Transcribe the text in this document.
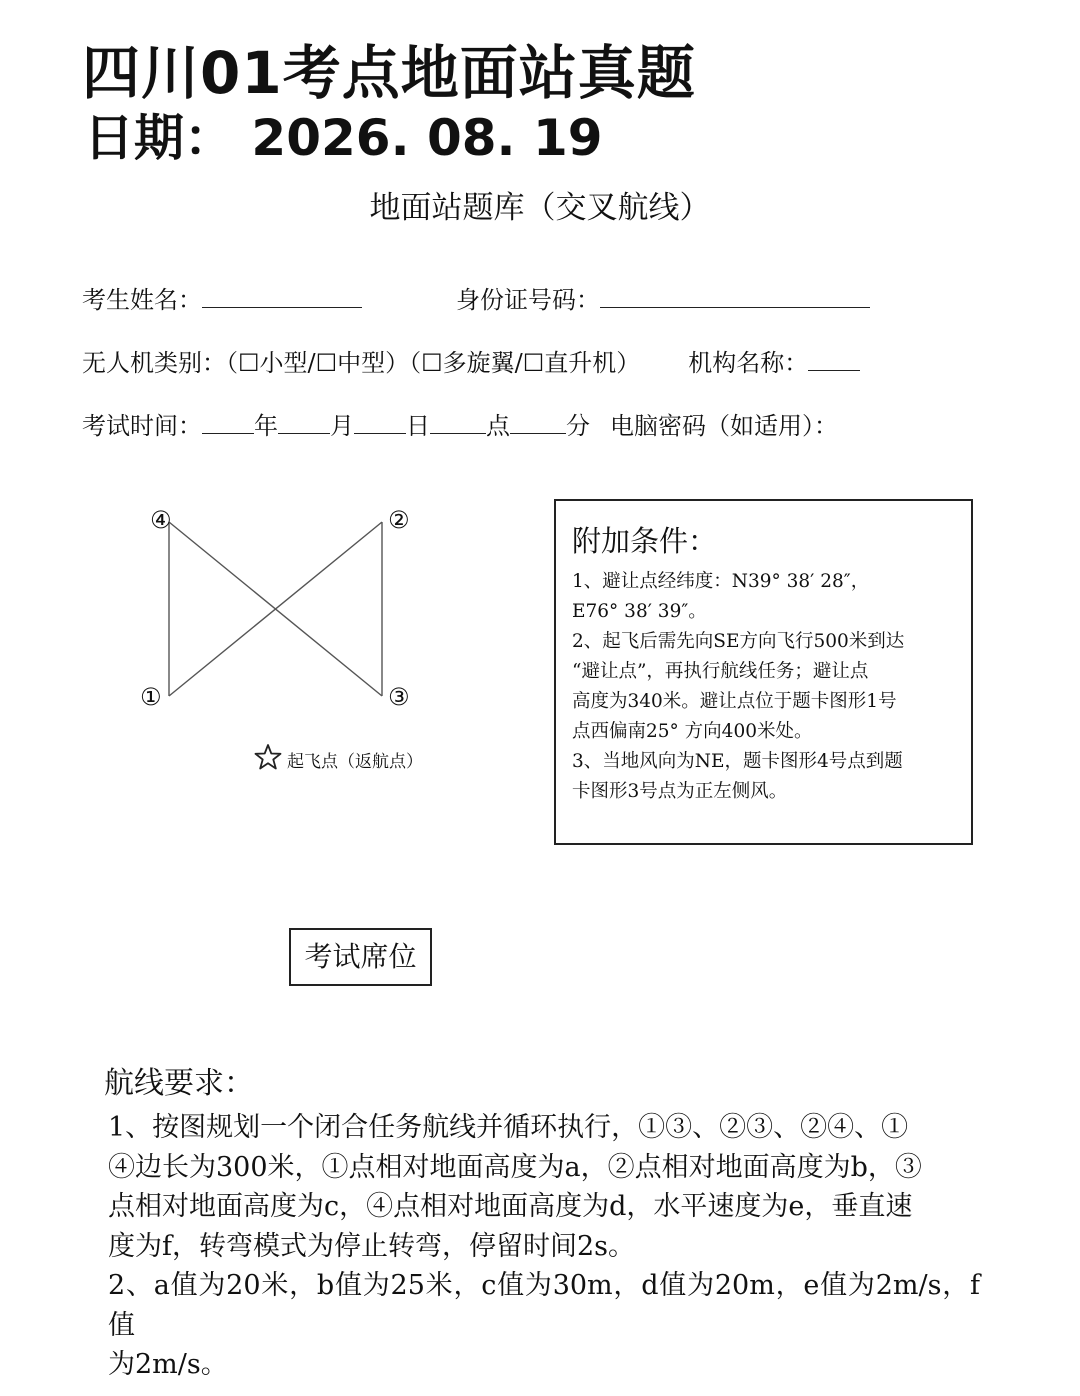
四川01考点地面站真题
日期： 2026. 08. 19
地面站题库（交叉航线）
考生姓名：	身份证号码：
无人机类别：（☐小型/☐中型）（☐多旋翼/☐直升机） 机构名称：
考试时间： 年 月 日 点 分 电脑密码（如适用）：
④	②
①	③
起飞点（返航点）
附加条件：
1、避让点经纬度：N39° 38′ 28″，
E76° 38′ 39″。
2、起飞后需先向SE方向飞行500米到达
“避让点”，再执行航线任务；避让点
高度为340米。避让点位于题卡图形1号
点西偏南25° 方向400米处。
3、当地风向为NE，题卡图形4号点到题
卡图形3号点为正左侧风。
考试席位
航线要求：
1、按图规划一个闭合任务航线并循环执行，①③、②③、②④、①
④边长为300米，①点相对地面高度为a，②点相对地面高度为b，③
点相对地面高度为c，④点相对地面高度为d，水平速度为e，垂直速
度为f，转弯模式为停止转弯，停留时间2s。
2、a值为20米，b值为25米，c值为30m，d值为20m，e值为2m/s，f值
为2m/s。
